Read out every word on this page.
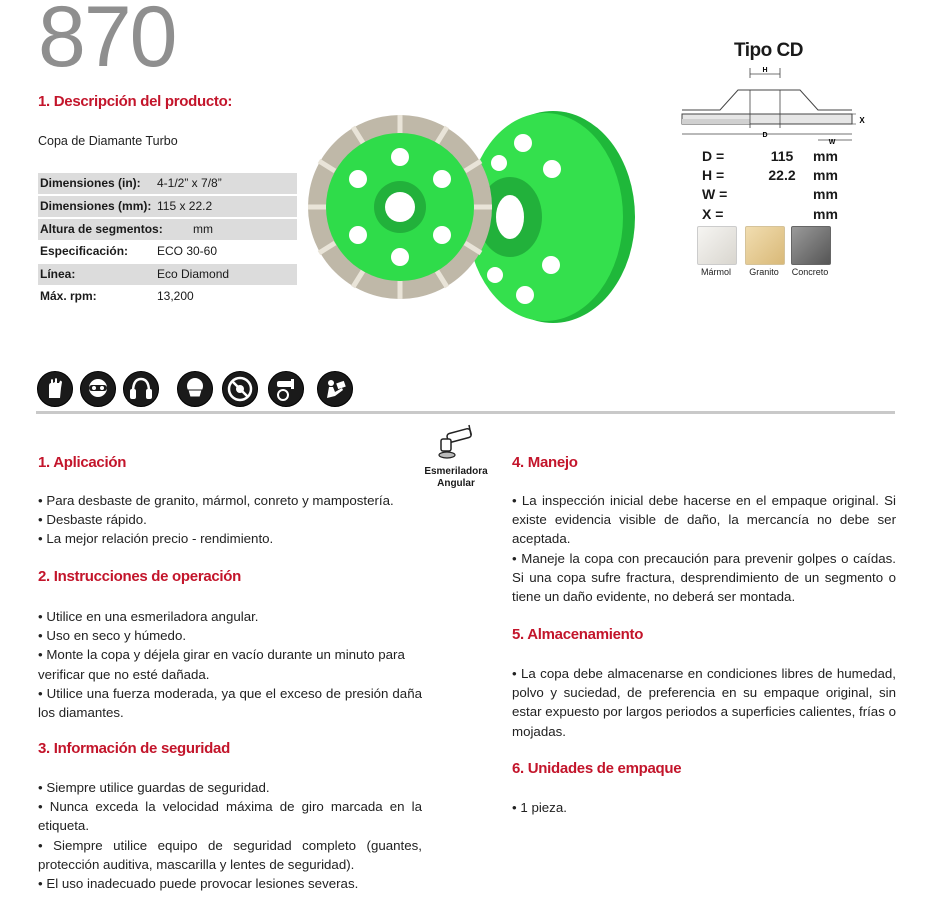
870
1. Descripción del producto:
Copa de Diamante Turbo
Dimensiones (in): 4-1/2” x 7/8”
Dimensiones (mm): 115 x 22.2
Altura de segmentos:	mm
Especificación: ECO 30-60
Línea:	Eco Diamond
Máx. rpm:	13,200
Tipo CD
H
D
W
X
D =	115	mm
H =	22.2	mm
W =	mm
X =	mm
Mármol	Granito	Concreto
Esmeriladora
Angular
1. Aplicación

• Para desbaste de granito, mármol, conreto y mampostería.

• Desbaste rápido.

• La mejor relación precio - rendimiento.

2. Instrucciones de operación

• Utilice en una esmeriladora angular.

• Uso en seco y húmedo.

• Monte la copa y déjela girar en vacío durante un minuto para verificar que no esté dañada.

• Utilice una fuerza moderada, ya que el exceso de presión daña los diamantes.

3. Información de seguridad

• Siempre utilice guardas de seguridad.

• Nunca exceda la velocidad máxima de giro marcada en la etiqueta.

• Siempre utilice equipo de seguridad completo (guantes, protección auditiva, mascarilla y lentes de seguridad).

• El uso inadecuado puede provocar lesiones severas.

4. Manejo

• La inspección inicial debe hacerse en el empaque original. Si existe evidencia visible de daño, la mercancía no debe ser aceptada.

• Maneje la copa con precaución para prevenir golpes o caídas. Si una copa sufre fractura, desprendimiento de un segmento o tiene un daño evidente, no deberá ser montada.

5. Almacenamiento

• La copa debe almacenarse en condiciones libres de humedad, polvo y suciedad, de preferencia en su empaque original, sin estar expuesto por largos periodos a superficies calientes, frías o mojadas.

6. Unidades de empaque

• 1 pieza.
